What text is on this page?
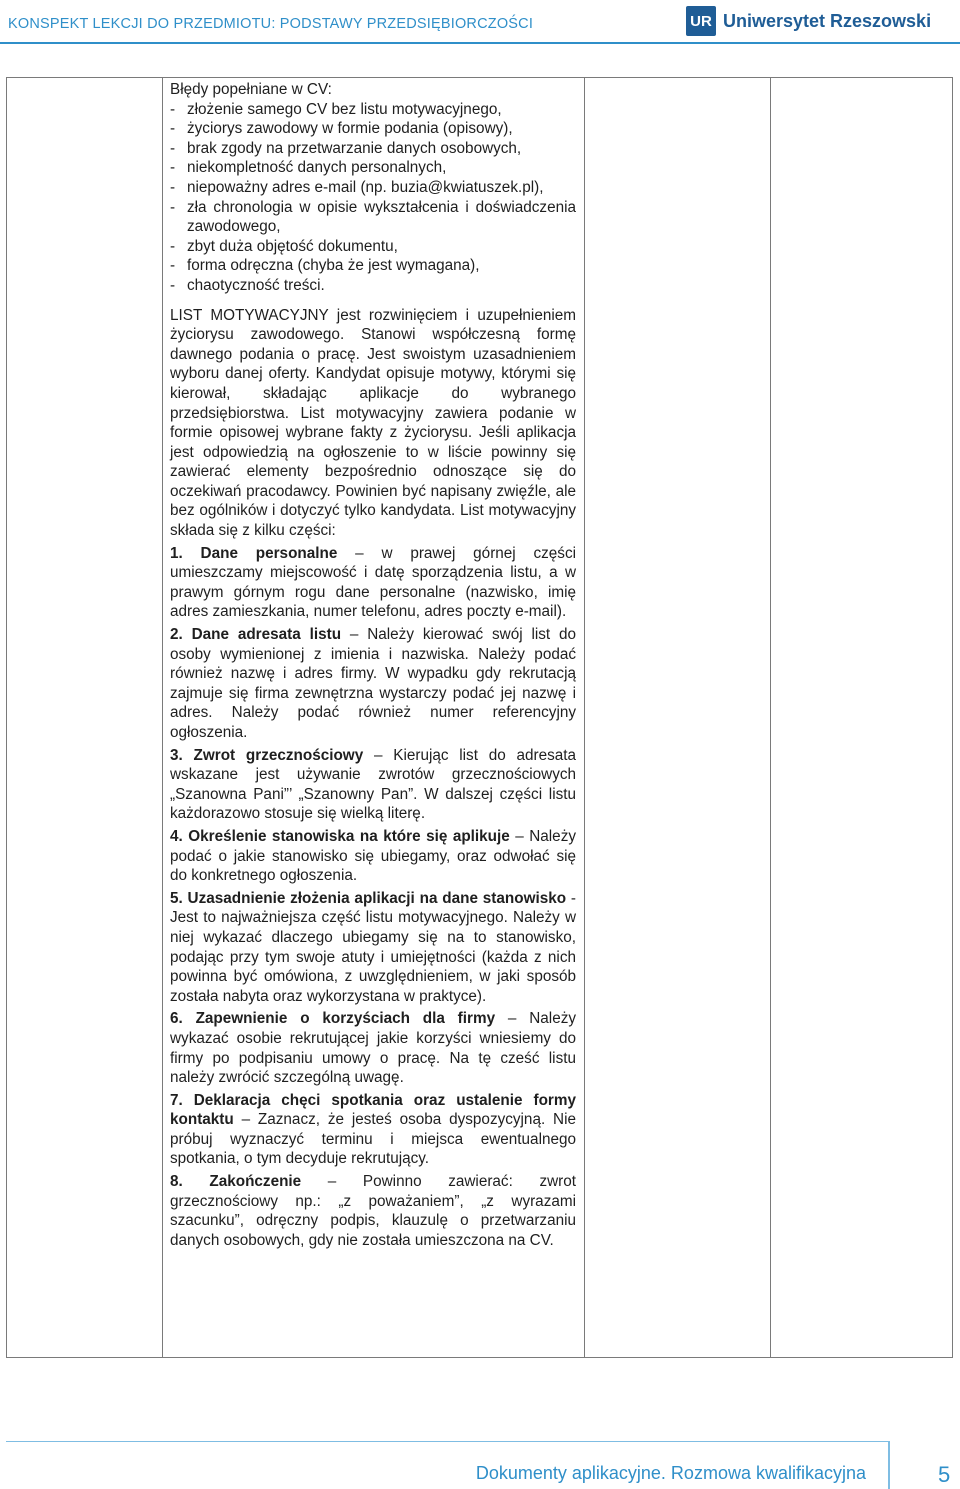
KONSPEKT LEKCJI DO PRZEDMIOTU: PODSTAWY PRZEDSIĘBIORCZOŚCI	UR Uniwersytet Rzeszowski

Błędy popełniane w CV:

- złożenie samego CV bez listu motywacyjnego,
- życiorys zawodowy w formie podania (opisowy),
- brak zgody na przetwarzanie danych osobowych,
- niekompletność danych personalnych,
- niepoważny adres e-mail (np. buzia@kwiatuszek.pl),
- zła chronologia w opisie wykształcenia i doświadczenia zawodowego,
- zbyt duża objętość dokumentu,
- forma odręczna (chyba że jest wymagana),
- chaotyczność treści.

LIST MOTYWACYJNY jest rozwinięciem i uzupełnieniem życiorysu zawodowego. Stanowi współczesną formę dawnego podania o pracę. Jest swoistym uzasadnieniem wyboru danej oferty. Kandydat opisuje motywy, którymi się kierował, składając aplikacje do wybranego przedsiębiorstwa. List motywacyjny zawiera podanie w formie opisowej wybrane fakty z życiorysu. Jeśli aplikacja jest odpowiedzią na ogłoszenie to w liście powinny się zawierać elementy bezpośrednio odnoszące się do oczekiwań pracodawcy. Powinien być napisany zwięźle, ale bez ogólników i dotyczyć tylko kandydata. List motywacyjny składa się z kilku części:

1. Dane personalne – w prawej górnej części umieszczamy miejscowość i datę sporządzenia listu, a w prawym górnym rogu dane personalne (nazwisko, imię adres zamieszkania, numer telefonu, adres poczty e-mail).

2. Dane adresata listu – Należy kierować swój list do osoby wymienionej z imienia i nazwiska. Należy podać również nazwę i adres firmy. W wypadku gdy rekrutacją zajmuje się firma zewnętrzna wystarczy podać jej nazwę i adres. Należy podać również numer referencyjny ogłoszenia.

3. Zwrot grzecznościowy – Kierując list do adresata wskazane jest używanie zwrotów grzecznościowych „Szanowna Pani”’ „Szanowny Pan”. W dalszej części listu każdorazowo stosuje się wielką literę.

4. Określenie stanowiska na które się aplikuje – Należy podać o jakie stanowisko się ubiegamy, oraz odwołać się do konkretnego ogłoszenia.

5. Uzasadnienie złożenia aplikacji na dane stanowisko - Jest to najważniejsza część listu motywacyjnego. Należy w niej wykazać dlaczego ubiegamy się na to stanowisko, podając przy tym swoje atuty i umiejętności (każda z nich powinna być omówiona, z uwzględnieniem, w jaki sposób została nabyta oraz wykorzystana w praktyce).

6. Zapewnienie o korzyściach dla firmy – Należy wykazać osobie rekrutującej jakie korzyści wniesiemy do firmy po podpisaniu umowy o pracę. Na tę cześć listu należy zwrócić szczególną uwagę.

7. Deklaracja chęci spotkania oraz ustalenie formy kontaktu – Zaznacz, że jesteś osoba dyspozycyjną. Nie próbuj wyznaczyć terminu i miejsca ewentualnego spotkania, o tym decyduje rekrutujący.

8. Zakończenie – Powinno zawierać: zwrot grzecznościowy np.: „z poważaniem”, „z wyrazami szacunku”, odręczny podpis, klauzulę o przetwarzaniu danych osobowych, gdy nie została umieszczona na CV.

Dokumenty aplikacyjne. Rozmowa kwalifikacyjna	5
